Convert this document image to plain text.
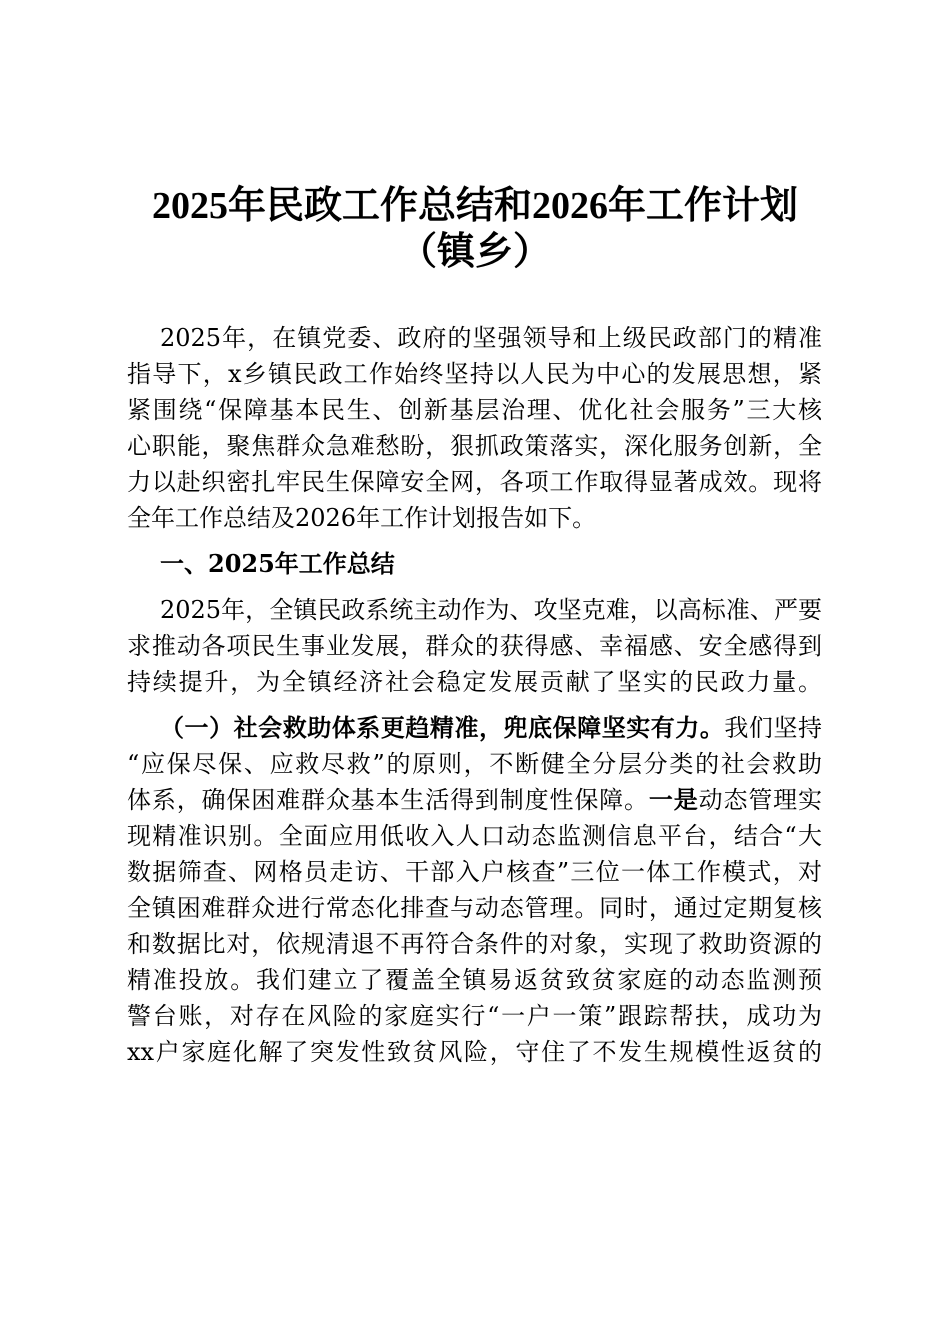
2025年民政工作总结和2026年工作计划
（镇乡）
2025年，在镇党委、政府的坚强领导和上级民政部门的精准
指导下，x乡镇民政工作始终坚持以人民为中心的发展思想，紧
紧围绕“保障基本民生、创新基层治理、优化社会服务”三大核
心职能，聚焦群众急难愁盼，狠抓政策落实，深化服务创新，全
力以赴织密扎牢民生保障安全网，各项工作取得显著成效。现将
全年工作总结及2026年工作计划报告如下。
一、2025年工作总结
2025年，全镇民政系统主动作为、攻坚克难，以高标准、严要
求推动各项民生事业发展，群众的获得感、幸福感、安全感得到
持续提升，为全镇经济社会稳定发展贡献了坚实的民政力量。
（一）社会救助体系更趋精准，兜底保障坚实有力。我们坚持
“应保尽保、应救尽救”的原则，不断健全分层分类的社会救助
体系，确保困难群众基本生活得到制度性保障。一是动态管理实
现精准识别。全面应用低收入人口动态监测信息平台，结合“大
数据筛查、网格员走访、干部入户核查”三位一体工作模式，对
全镇困难群众进行常态化排查与动态管理。同时，通过定期复核
和数据比对，依规清退不再符合条件的对象，实现了救助资源的
精准投放。我们建立了覆盖全镇易返贫致贫家庭的动态监测预
警台账，对存在风险的家庭实行“一户一策”跟踪帮扶，成功为
xx户家庭化解了突发性致贫风险，守住了不发生规模性返贫的
